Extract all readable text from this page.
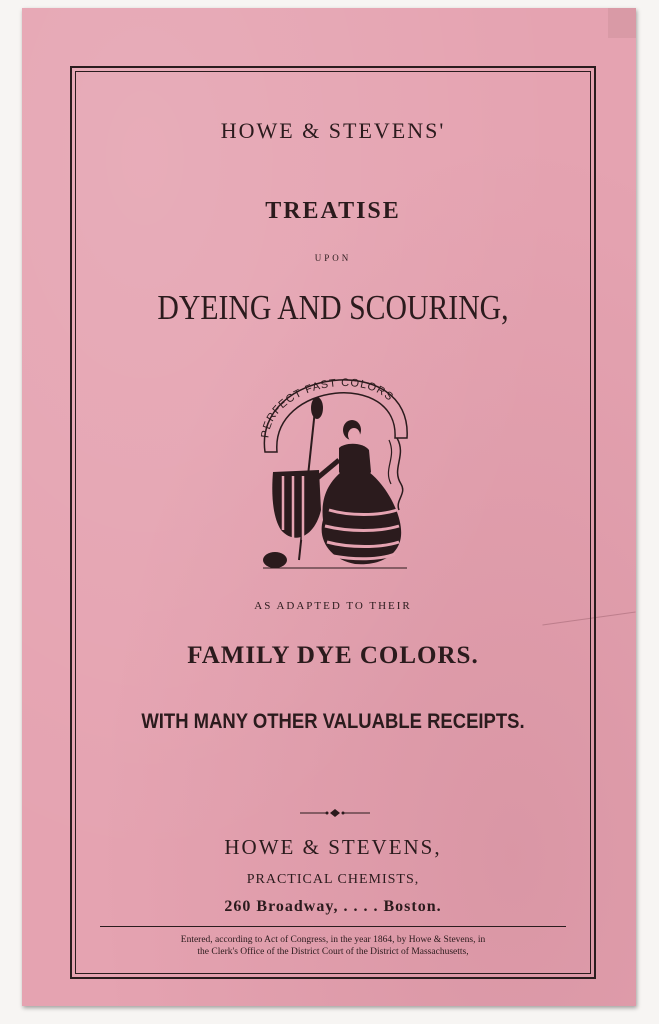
HOWE & STEVENS'
TREATISE
UPON
DYEING AND SCOURING,
PERFECT FAST COLORS
AS ADAPTED TO THEIR
FAMILY DYE COLORS.
WITH MANY OTHER VALUABLE RECEIPTS.
HOWE & STEVENS,
PRACTICAL CHEMISTS,
260 Broadway, . . . . Boston.
Entered, according to Act of Congress, in the year 1864, by Howe & Stevens, in
the Clerk's Office of the District Court of the District of Massachusetts,
